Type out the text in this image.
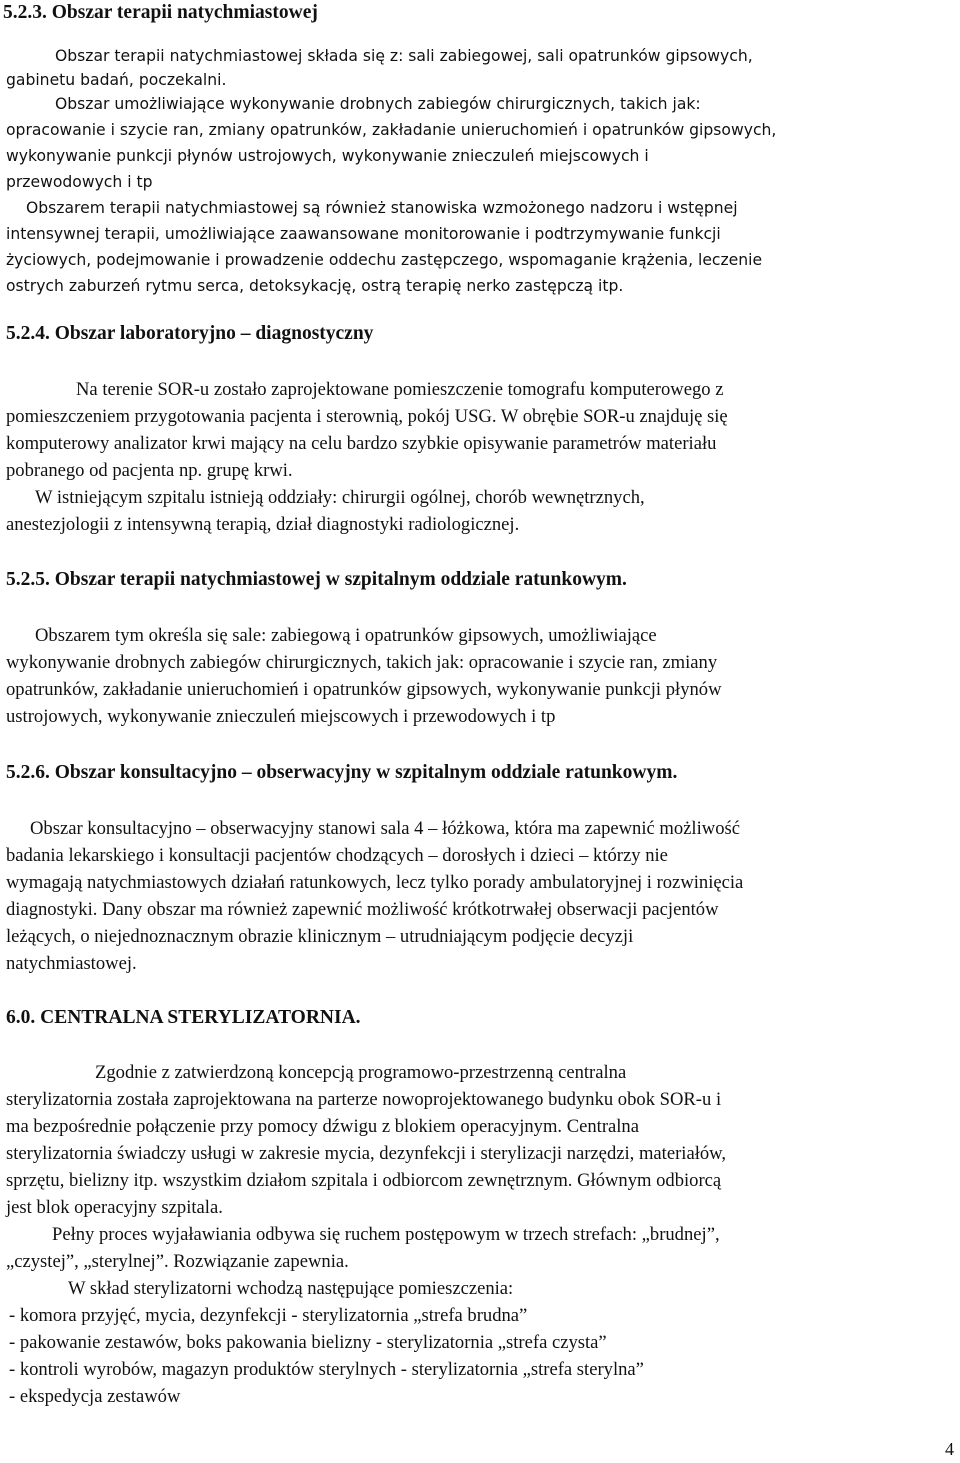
5.2.3. Obszar terapii natychmiastowej
Obszar terapii natychmiastowej składa się z: sali zabiegowej, sali opatrunków gipsowych,
gabinetu badań, poczekalni.
Obszar umożliwiające wykonywanie drobnych zabiegów chirurgicznych, takich jak:
opracowanie i szycie ran, zmiany opatrunków, zakładanie unieruchomień i opatrunków gipsowych,
wykonywanie punkcji płynów ustrojowych, wykonywanie znieczuleń miejscowych i
przewodowych i tp
Obszarem terapii natychmiastowej są również stanowiska wzmożonego nadzoru i wstępnej
intensywnej terapii, umożliwiające zaawansowane monitorowanie i podtrzymywanie funkcji
życiowych, podejmowanie i prowadzenie oddechu zastępczego, wspomaganie krążenia, leczenie
ostrych zaburzeń rytmu serca, detoksykację, ostrą terapię nerko zastępczą itp.
5.2.4. Obszar laboratoryjno – diagnostyczny
Na terenie SOR-u zostało zaprojektowane pomieszczenie tomografu komputerowego z
pomieszczeniem przygotowania pacjenta i sterownią, pokój USG. W obrębie SOR-u znajduję się
komputerowy analizator krwi mający na celu bardzo szybkie opisywanie parametrów materiału
pobranego od pacjenta np. grupę krwi.
W istniejącym szpitalu istnieją oddziały: chirurgii ogólnej, chorób wewnętrznych,
anestezjologii z intensywną terapią, dział diagnostyki radiologicznej.
5.2.5. Obszar terapii natychmiastowej w szpitalnym oddziale ratunkowym.
Obszarem tym określa się sale: zabiegową i opatrunków gipsowych, umożliwiające
wykonywanie drobnych zabiegów chirurgicznych, takich jak: opracowanie i szycie ran, zmiany
opatrunków, zakładanie unieruchomień i opatrunków gipsowych, wykonywanie punkcji płynów
ustrojowych, wykonywanie znieczuleń miejscowych i przewodowych i tp
5.2.6. Obszar konsultacyjno – obserwacyjny w szpitalnym oddziale ratunkowym.
Obszar konsultacyjno – obserwacyjny stanowi sala 4 – łóżkowa, która ma zapewnić możliwość
badania lekarskiego i konsultacji pacjentów chodzących – dorosłych i dzieci – którzy nie
wymagają natychmiastowych działań ratunkowych, lecz tylko porady ambulatoryjnej i rozwinięcia
diagnostyki. Dany obszar ma również zapewnić możliwość krótkotrwałej obserwacji pacjentów
leżących, o niejednoznacznym obrazie klinicznym – utrudniającym podjęcie decyzji
natychmiastowej.
6.0. CENTRALNA STERYLIZATORNIA.
Zgodnie z zatwierdzoną koncepcją programowo-przestrzenną centralna
sterylizatornia została zaprojektowana na parterze nowoprojektowanego budynku obok SOR-u i
ma bezpośrednie połączenie przy pomocy dźwigu z blokiem operacyjnym. Centralna
sterylizatornia świadczy usługi w zakresie mycia, dezynfekcji i sterylizacji narzędzi, materiałów,
sprzętu, bielizny itp. wszystkim działom szpitala i odbiorcom zewnętrznym. Głównym odbiorcą
jest blok operacyjny szpitala.
Pełny proces wyjaławiania odbywa się ruchem postępowym w trzech strefach: „brudnej”,
„czystej”, „sterylnej”. Rozwiązanie zapewnia.
W skład sterylizatorni wchodzą następujące pomieszczenia:
- komora przyjęć, mycia, dezynfekcji - sterylizatornia „strefa brudna”
- pakowanie zestawów, boks pakowania bielizny - sterylizatornia „strefa czysta”
- kontroli wyrobów, magazyn produktów sterylnych - sterylizatornia „strefa sterylna”
- ekspedycja zestawów
4
